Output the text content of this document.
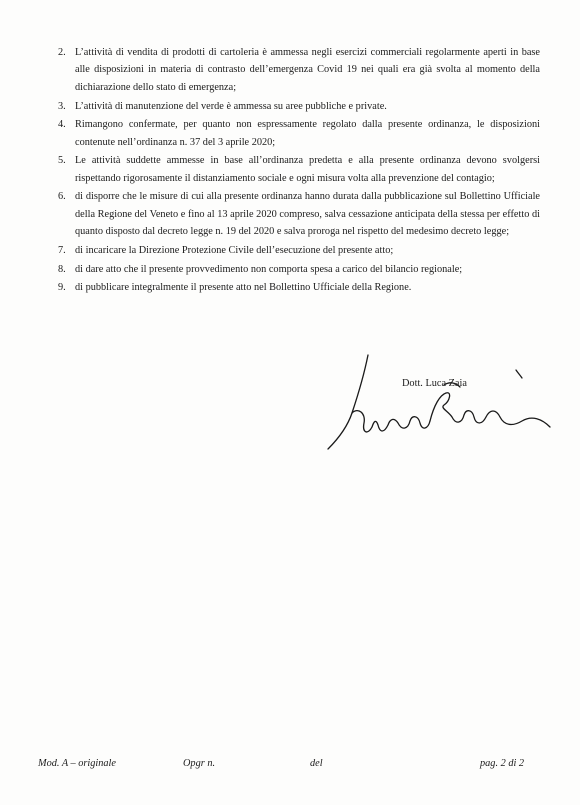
2. L’attività di vendita di prodotti di cartoleria è ammessa negli esercizi commerciali regolarmente aperti in base alle disposizioni in materia di contrasto dell’emergenza Covid 19 nei quali era già svolta al momento della dichiarazione dello stato di emergenza;
3. L’attività di manutenzione del verde è ammessa su aree pubbliche e private.
4. Rimangono confermate, per quanto non espressamente regolato dalla presente ordinanza, le disposizioni contenute nell’ordinanza n. 37 del 3 aprile 2020;
5. Le attività suddette ammesse in base all’ordinanza predetta e alla presente ordinanza devono svolgersi rispettando rigorosamente il distanziamento sociale e ogni misura volta alla prevenzione del contagio;
6. di disporre che le misure di cui alla presente ordinanza hanno durata dalla pubblicazione sul Bollettino Ufficiale della Regione del Veneto e fino al 13 aprile 2020 compreso, salva cessazione anticipata della stessa per effetto di quanto disposto dal decreto legge n. 19 del 2020 e salva proroga nel rispetto del medesimo decreto legge;
7. di incaricare la Direzione Protezione Civile dell’esecuzione del presente atto;
8. di dare atto che il presente provvedimento non comporta spesa a carico del bilancio regionale;
9. di pubblicare integralmente il presente atto nel Bollettino Ufficiale della Regione.
Dott. Luca Zaia
Mod. A – originale	Opgr n.	del	pag. 2 di 2
